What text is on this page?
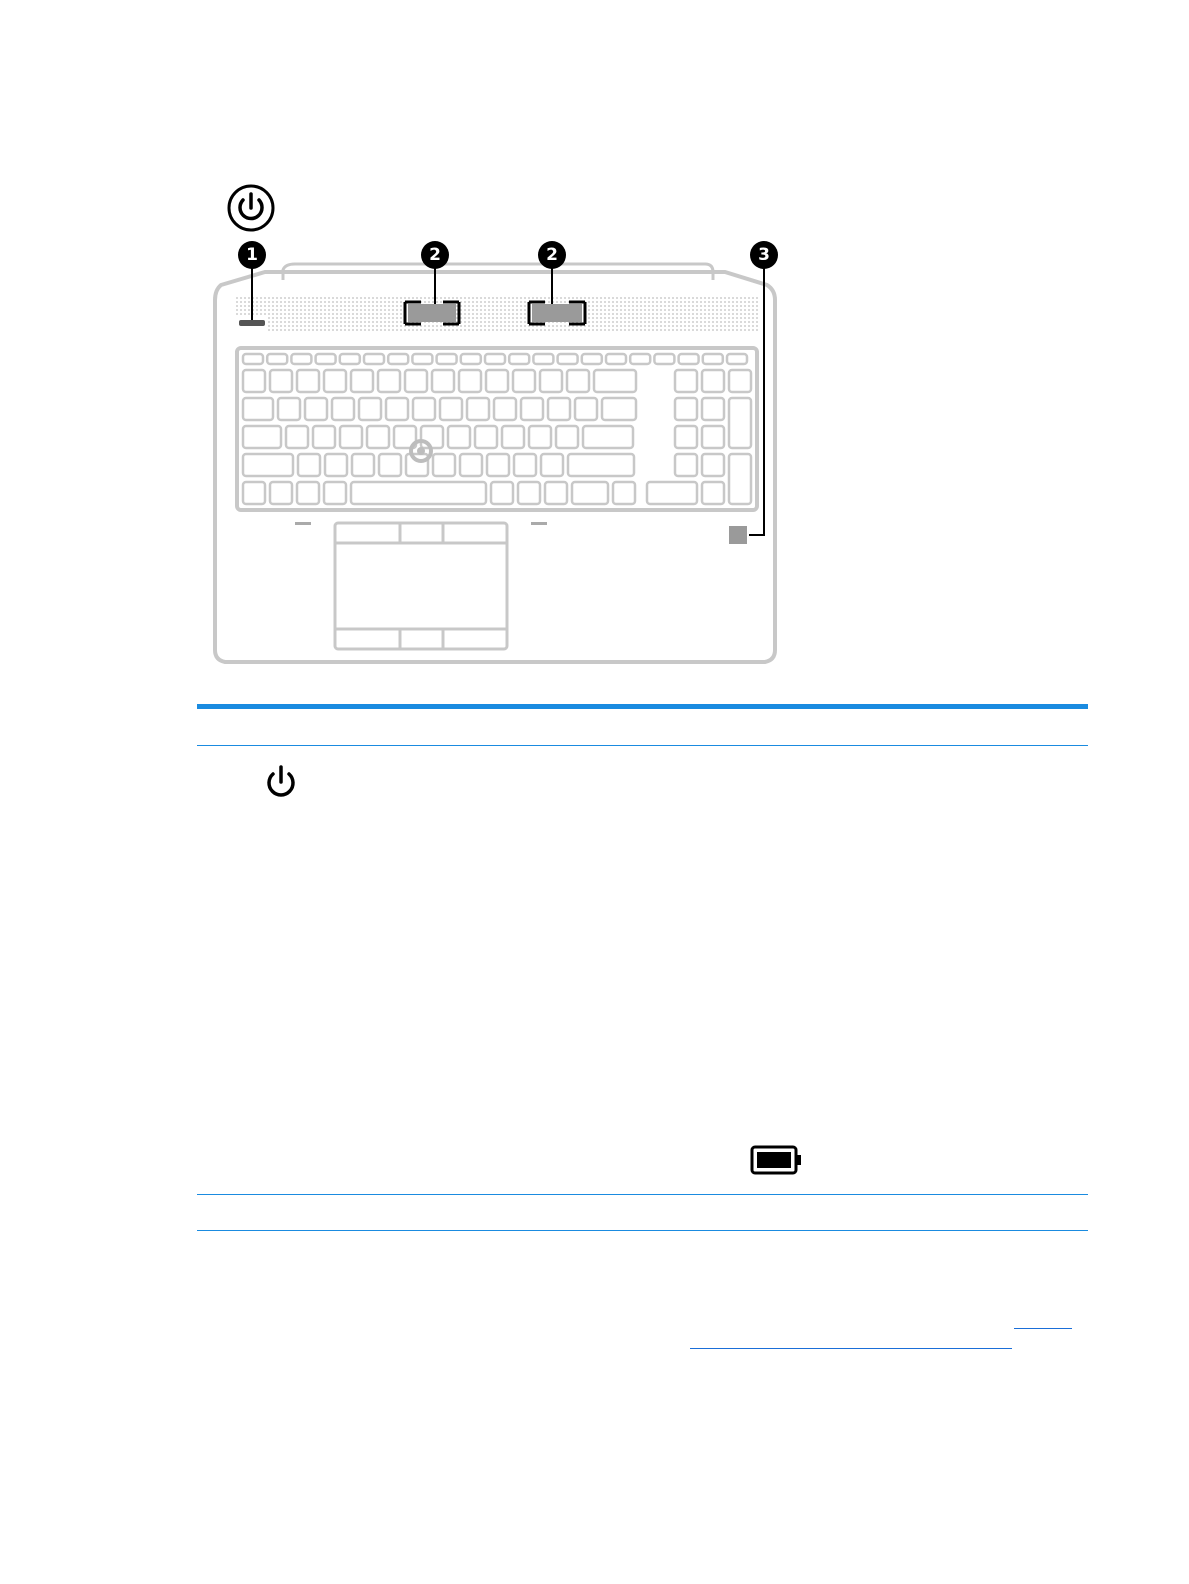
1	2	2	3
